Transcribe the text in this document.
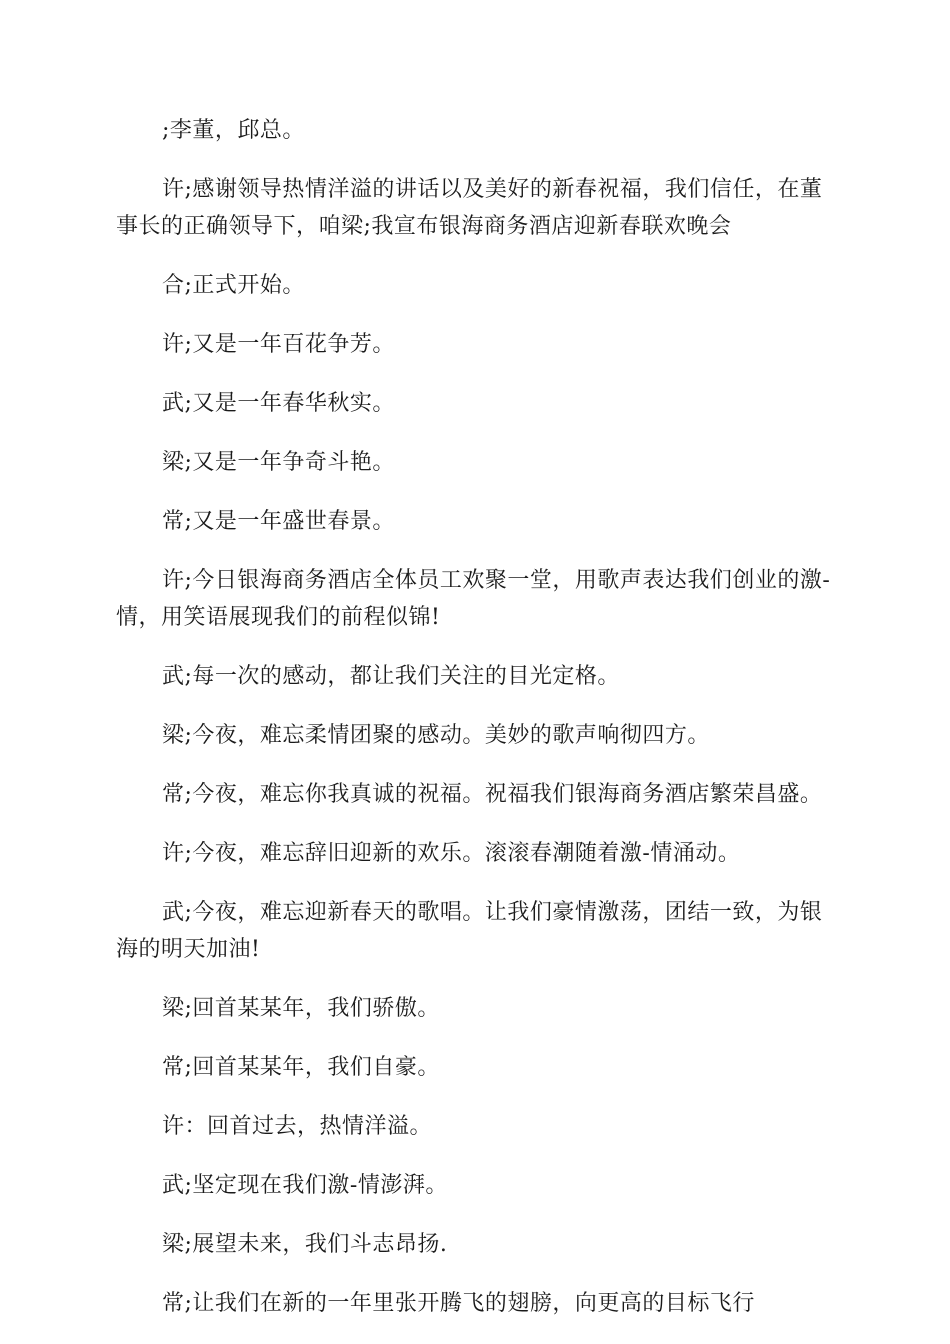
;李董，邱总。

许;感谢领导热情洋溢的讲话以及美好的新春祝福，我们信任，在董事长的正确领导下，咱梁;我宣布银海商务酒店迎新春联欢晚会

合;正式开始。

许;又是一年百花争芳。

武;又是一年春华秋实。

梁;又是一年争奇斗艳。

常;又是一年盛世春景。

许;今日银海商务酒店全体员工欢聚一堂，用歌声表达我们创业的激-情，用笑语展现我们的前程似锦!

武;每一次的感动，都让我们关注的目光定格。

梁;今夜，难忘柔情团聚的感动。美妙的歌声响彻四方。

常;今夜，难忘你我真诚的祝福。祝福我们银海商务酒店繁荣昌盛。

许;今夜，难忘辞旧迎新的欢乐。滚滚春潮随着激-情涌动。

武;今夜，难忘迎新春天的歌唱。让我们豪情激荡，团结一致，为银海的明天加油!

梁;回首某某年，我们骄傲。

常;回首某某年，我们自豪。

许：回首过去，热情洋溢。

武;坚定现在我们激-情澎湃。

梁;展望未来，我们斗志昂扬.

常;让我们在新的一年里张开腾飞的翅膀，向更高的目标飞行
